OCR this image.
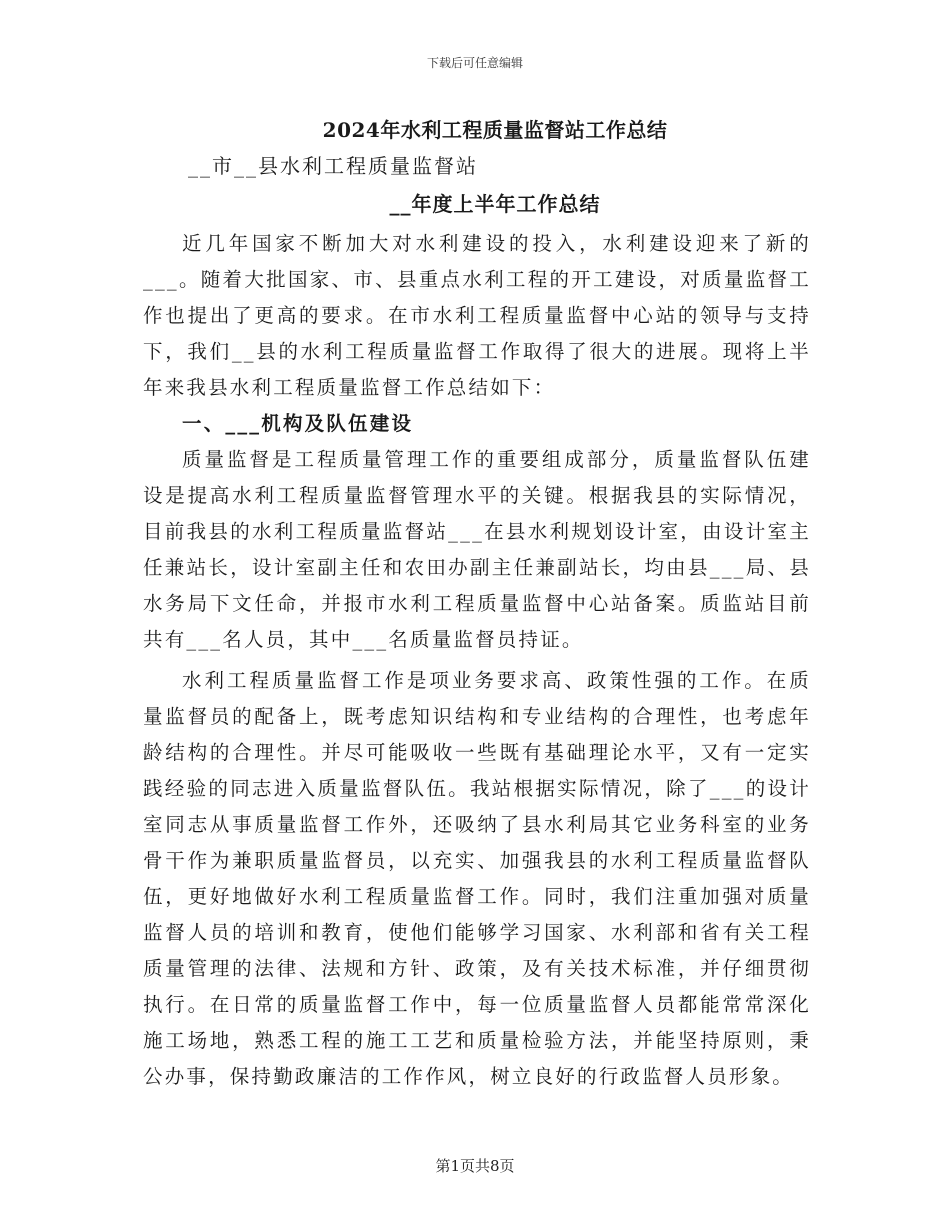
下载后可任意编辑
2024年水利工程质量监督站工作总结
__市__县水利工程质量监督站
__年度上半年工作总结

近几年国家不断加大对水利建设的投入，水利建设迎来了新的___。随着大批国家、市、县重点水利工程的开工建设，对质量监督工作也提出了更高的要求。在市水利工程质量监督中心站的领导与支持下，我们__县的水利工程质量监督工作取得了很大的进展。现将上半年来我县水利工程质量监督工作总结如下：

一、___机构及队伍建设

质量监督是工程质量管理工作的重要组成部分，质量监督队伍建设是提高水利工程质量监督管理水平的关键。根据我县的实际情况，目前我县的水利工程质量监督站___在县水利规划设计室，由设计室主任兼站长，设计室副主任和农田办副主任兼副站长，均由县___局、县水务局下文任命，并报市水利工程质量监督中心站备案。质监站目前共有___名人员，其中___名质量监督员持证。

水利工程质量监督工作是项业务要求高、政策性强的工作。在质量监督员的配备上，既考虑知识结构和专业结构的合理性，也考虑年龄结构的合理性。并尽可能吸收一些既有基础理论水平，又有一定实践经验的同志进入质量监督队伍。我站根据实际情况，除了___的设计室同志从事质量监督工作外，还吸纳了县水利局其它业务科室的业务骨干作为兼职质量监督员，以充实、加强我县的水利工程质量监督队伍，更好地做好水利工程质量监督工作。同时，我们注重加强对质量监督人员的培训和教育，使他们能够学习国家、水利部和省有关工程质量管理的法律、法规和方针、政策，及有关技术标准，并仔细贯彻执行。在日常的质量监督工作中，每一位质量监督人员都能常常深化施工场地，熟悉工程的施工工艺和质量检验方法，并能坚持原则，秉公办事，保持勤政廉洁的工作作风，树立良好的行政监督人员形象。

第1页共8页
